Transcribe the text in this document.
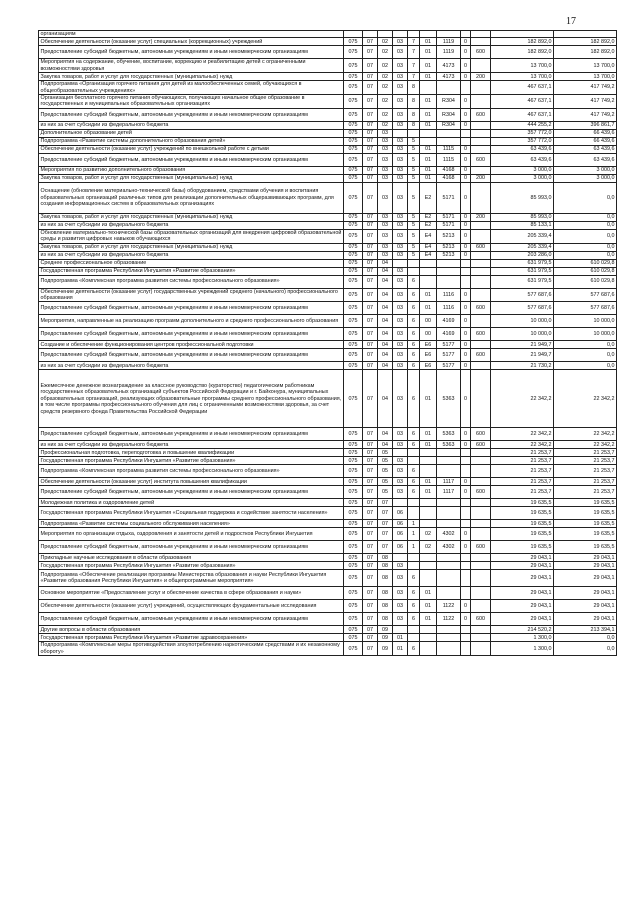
17
организациям											
Обеспечение деятельности (оказание услуг) специальных (коррекционных) учреждений	075	07	02	03	7	01	1119	0		182 892,0	182 892,0
Предоставление субсидий бюджетным, автономным учреждениям и иным некоммерческим организациям	075	07	02	03	7	01	1119	0	600	182 892,0	182 892,0
Мероприятия на содержание, обучение, воспитание, коррекцию и реабилитацию детей с ограниченными возможностями здоровья	075	07	02	03	7	01	4173	0		13 700,0	13 700,0
Закупка товаров, работ и услуг для государственных (муниципальных) нужд	075	07	02	03	7	01	4173	0	200	13 700,0	13 700,0
Подпрограмма «Организация горячего питания для детей из малообеспеченных семей, обучающихся в общеобразовательных учреждениях»	075	07	02	03	8					467 637,1	417 749,2
Организация бесплатного горячего питания обучающихся, получающих начальное общее образование в государственных и муниципальных образовательных организациях	075	07	02	03	8	01	R304	0		467 637,1	417 749,2
Предоставление субсидий бюджетным, автономным учреждениям и иным некоммерческим организациям	075	07	02	03	8	01	R304	0	600	467 637,1	417 749,2
из них за счет субсидии из федерального бюджета	075	07	02	03	8	01	R304	0		444 255,2	396 861,7
Дополнительное образование детей	075	07	03							357 772,0	66 439,6
Подпрограмма «Развитие системы дополнительного образования детей»	075	07	03	03	5					357 772,0	66 439,6
Обеспечение деятельности (оказание услуг) учреждений по внешкольной работе с детьми	075	07	03	03	5	01	1115	0		63 439,6	63 439,6
Предоставление субсидий бюджетным, автономным учреждениям и иным некоммерческим организациям	075	07	03	03	5	01	1115	0	600	63 439,6	63 439,6
Мероприятия по развитию дополнительного образования	075	07	03	03	5	01	4168	0		3 000,0	3 000,0
Закупка товаров, работ и услуг для государственных (муниципальных) нужд	075	07	03	03	5	01	4168	0	200	3 000,0	3 000,0
Оснащение (обновление материально-технической базы) оборудованием, средствами обучения и воспитания образовательных организаций различных типов для реализации дополнительных общеразвивающих программ, для создания информационных систем в образовательных организациях	075	07	03	03	5	E2	5171	0		85 993,0	0,0
Закупка товаров, работ и услуг для государственных (муниципальных) нужд	075	07	03	03	5	E2	5171	0	200	85 993,0	0,0
из них за счет субсидии из федерального бюджета	075	07	03	03	5	E2	5171	0		85 133,1	0,0
Обновление материально-технической базы образовательных организаций для внедрения цифровой образовательной среды и развития цифровых навыков обучающихся	075	07	03	03	5	E4	5213	0		205 339,4	0,0
Закупка товаров, работ и услуг для государственных (муниципальных) нужд	075	07	03	03	5	E4	5213	0	600	205 339,4	0,0
из них за счет субсидии из федерального бюджета	075	07	03	03	5	E4	5213	0		203 286,0	0,0
Среднее профессиональное образование	075	07	04							631 979,5	610 029,8
Государственная программа Республики Ингушетия «Развитие образования»	075	07	04	03						631 979,5	610 029,8
Подпрограмма «Комплексная программа развития системы профессионального образования»	075	07	04	03	6					631 979,5	610 029,8
Обеспечение деятельности (оказание услуг) государственных учреждений среднего (начального) профессионального образования	075	07	04	03	6	01	1116	0		577 687,6	577 687,6
Предоставление субсидий бюджетным, автономным учреждениям и иным некоммерческим организациям	075	07	04	03	6	01	1116	0	600	577 687,6	577 687,6
Мероприятия, направленные на реализацию программ дополнительного и среднего профессионального образования	075	07	04	03	6	00	4169	0		10 000,0	10 000,0
Предоставление субсидий бюджетным, автономным учреждениям и иным некоммерческим организациям	075	07	04	03	6	00	4169	0	600	10 000,0	10 000,0
Создание и обеспечение функционирования центров профессиональной подготовки	075	07	04	03	6	E6	5177	0		21 949,7	0,0
Предоставление субсидий бюджетным, автономным учреждениям и иным некоммерческим организациям	075	07	04	03	6	E6	5177	0	600	21 949,7	0,0
из них за счет субсидии из федерального бюджета	075	07	04	03	6	E6	5177	0		21 730,2	0,0
Ежемесячное денежное вознаграждение за классное руководство (кураторство) педагогическим работникам государственных образовательных организаций субъектов Российской Федерации и г. Байконура, муниципальных образовательных организаций, реализующих образовательные программы среднего профессионального образования, в том числе программы профессионального обучения для лиц с ограниченными возможностями здоровья, за счет средств резервного фонда Правительства Российской Федерации	075	07	04	03	6	01	5363	0		22 342,2	22 342,2
Предоставление субсидий бюджетным, автономным учреждениям и иным некоммерческим организациям	075	07	04	03	6	01	5363	0	600	22 342,2	22 342,2
из них за счет субсидии из федерального бюджета	075	07	04	03	6	01	5363	0	600	22 342,2	22 342,2
Профессиональная подготовка, переподготовка и повышение квалификации	075	07	05							21 253,7	21 253,7
Государственная программа Республики Ингушетия «Развитие образования»	075	07	05	03						21 253,7	21 253,7
Подпрограмма «Комплексная программа развития системы профессионального образования»	075	07	05	03	6					21 253,7	21 253,7
Обеспечение деятельности (оказание услуг) института повышения квалификации	075	07	05	03	6	01	1117	0		21 253,7	21 253,7
Предоставление субсидий бюджетным, автономным учреждениям и иным некоммерческим организациям	075	07	05	03	6	01	1117	0	600	21 253,7	21 253,7
Молодежная политика и оздоровление детей	075	07	07							19 635,5	19 635,5
Государственная программа Республики Ингушетия «Социальная поддержка и содействие занятости населения»	075	07	07	06						19 635,5	19 635,5
Подпрограмма «Развитие системы социального обслуживания населения»	075	07	07	06	1					19 635,5	19 635,5
Мероприятия по организации отдыха, оздоровления и занятости детей и подростков Республики Ингушетия	075	07	07	06	1	02	4302	0		19 635,5	19 635,5
Предоставление субсидий бюджетным, автономным учреждениям и иным некоммерческим организациям	075	07	07	06	1	02	4302	0	600	19 635,5	19 635,5
Прикладные научные исследования в области образования	075	07	08							29 043,1	29 043,1
Государственная программа Республики Ингушетия «Развитие образования»	075	07	08	03						29 043,1	29 043,1
Подпрограмма «Обеспечение реализации программы Министерства образования и науки Республики Ингушетия «Развитие образования Республики Ингушетия» и общепрограммные мероприятия»	075	07	08	03	6					29 043,1	29 043,1
Основное мероприятие «Предоставление услуг и обеспечение качества в сфере образования и науки»	075	07	08	03	6	01				29 043,1	29 043,1
Обеспечение деятельности (оказание услуг) учреждений, осуществляющих фундаментальные исследования	075	07	08	03	6	01	1122	0		29 043,1	29 043,1
Предоставление субсидий бюджетным, автономным учреждениям и иным некоммерческим организациям	075	07	08	03	6	01	1122	0	600	29 043,1	29 043,1
Другие вопросы в области образования	075	07	09							214 520,2	213 394,1
Государственная программа Республики Ингушетия «Развитие здравоохранения»	075	07	09	01						1 300,0	0,0
Подпрограмма «Комплексные меры противодействия злоупотреблению наркотическими средствами и их незаконному обороту»	075	07	09	01	6					1 300,0	0,0
